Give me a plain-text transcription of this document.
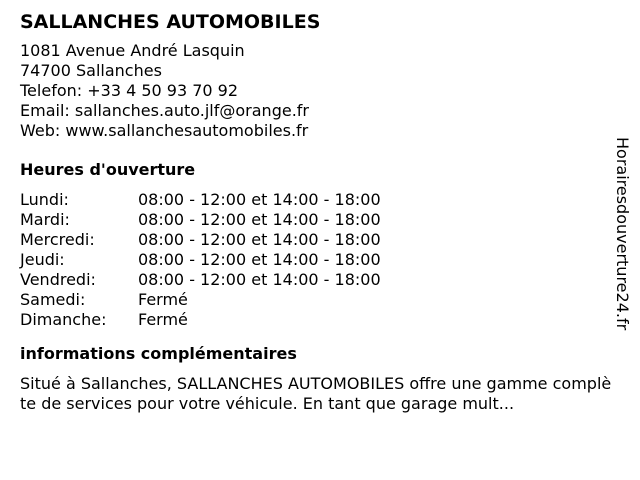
SALLANCHES AUTOMOBILES
1081 Avenue André Lasquin
74700 Sallanches
Telefon: +33 4 50 93 70 92
Email: sallanches.auto.jlf@orange.fr
Web: www.sallanchesautomobiles.fr
Heures d'ouverture
Lundi:	08:00 - 12:00 et 14:00 - 18:00
Mardi:	08:00 - 12:00 et 14:00 - 18:00
Mercredi:	08:00 - 12:00 et 14:00 - 18:00
Jeudi:	08:00 - 12:00 et 14:00 - 18:00
Vendredi:	08:00 - 12:00 et 14:00 - 18:00
Samedi:	Fermé
Dimanche:	Fermé
informations complémentaires
Situé à Sallanches, SALLANCHES AUTOMOBILES offre une gamme complète de services pour votre véhicule. En tant que garage mult...
Horairesdouverture24.fr
